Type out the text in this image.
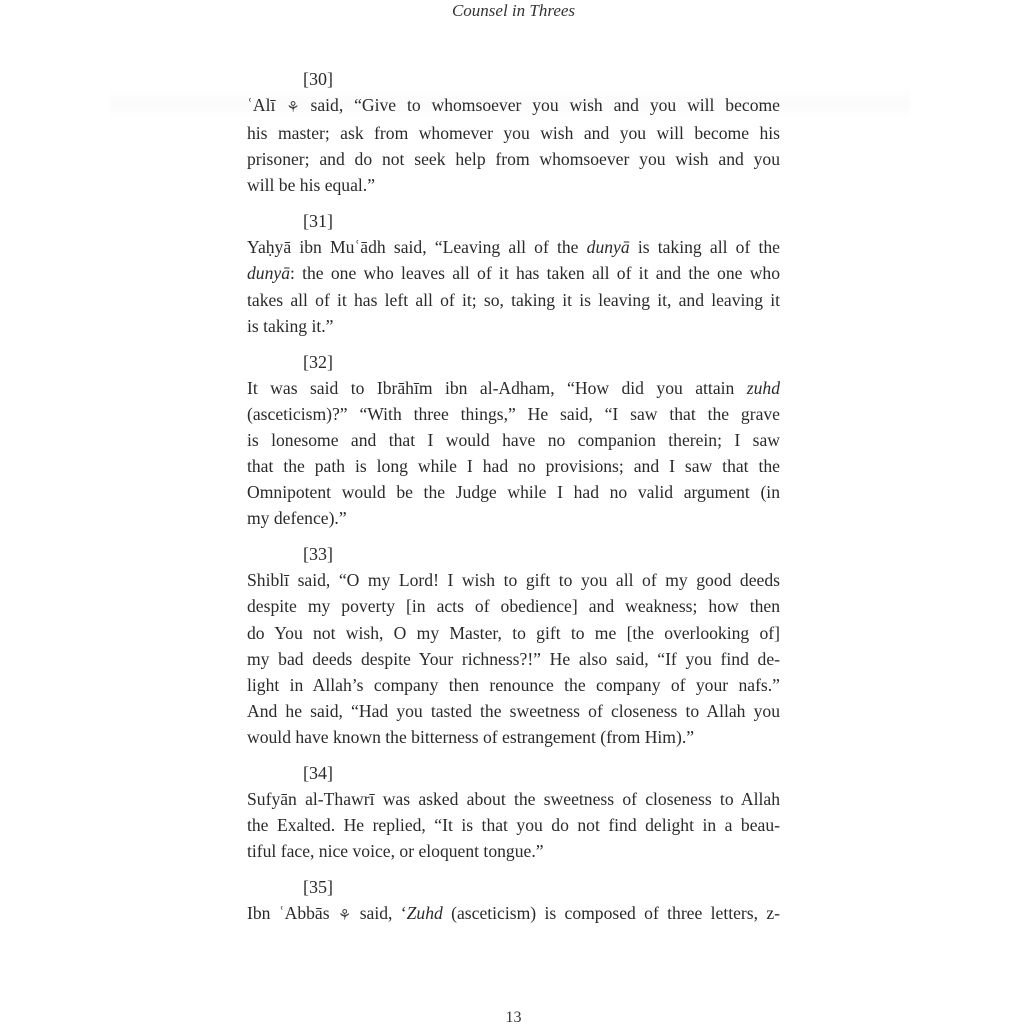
Counsel in Threes
[30]
ʿAlī ⚘ said, “Give to whomsoever you wish and you will become
his master; ask from whomever you wish and you will become his
prisoner; and do not seek help from whomsoever you wish and you
will be his equal.”
[31]
Yaḥyā ibn Muʿādh said, “Leaving all of the dunyā is taking all of the
dunyā: the one who leaves all of it has taken all of it and the one who
takes all of it has left all of it; so, taking it is leaving it, and leaving it
is taking it.”
[32]
It was said to Ibrāhīm ibn al-Adham, “How did you attain zuhd
(asceticism)?” “With three things,” He said, “I saw that the grave
is lonesome and that I would have no companion therein; I saw
that the path is long while I had no provisions; and I saw that the
Omnipotent would be the Judge while I had no valid argument (in
my defence).”
[33]
Shiblī said, “O my Lord! I wish to gift to you all of my good deeds
despite my poverty [in acts of obedience] and weakness; how then
do You not wish, O my Master, to gift to me [the overlooking of]
my bad deeds despite Your richness?!” He also said, “If you find de-
light in Allah’s company then renounce the company of your nafs.”
And he said, “Had you tasted the sweetness of closeness to Allah you
would have known the bitterness of estrangement (from Him).”
[34]
Sufyān al-Thawrī was asked about the sweetness of closeness to Allah
the Exalted. He replied, “It is that you do not find delight in a beau-
tiful face, nice voice, or eloquent tongue.”
[35]
Ibn ʿAbbās ⚘ said, ‘Zuhd (asceticism) is composed of three letters, z-
13
